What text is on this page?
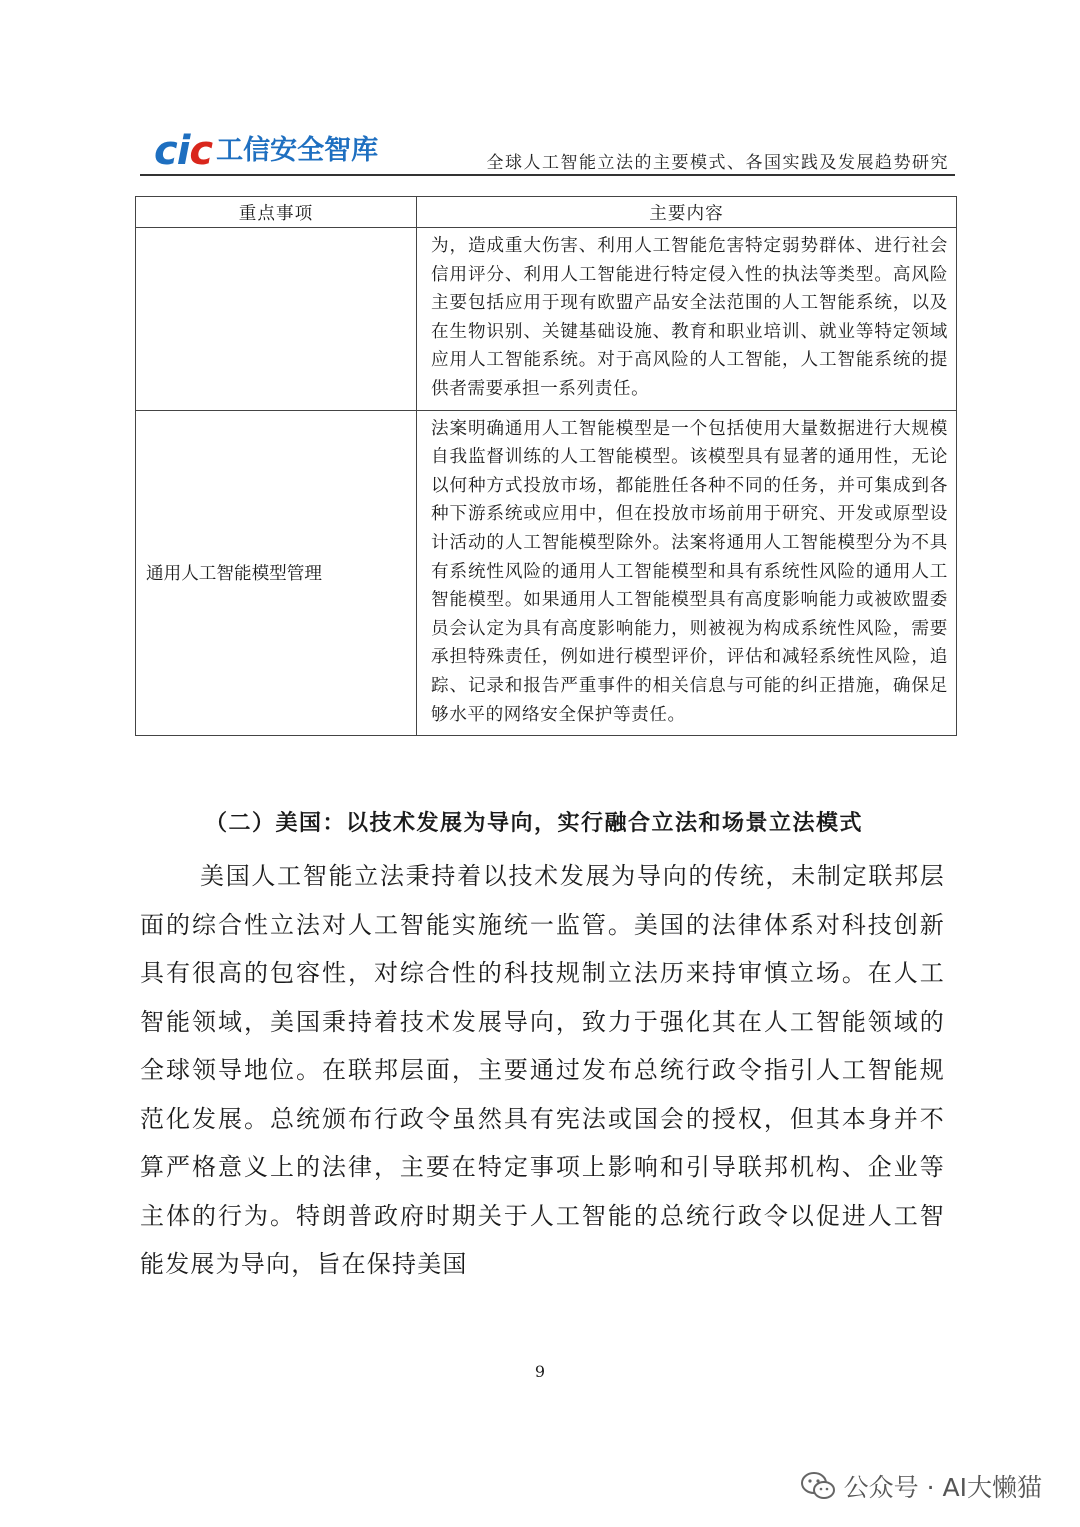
cic 工信安全智库	全球人工智能立法的主要模式、各国实践及发展趋势研究
重点事项	主要内容
	为，造成重大伤害、利用人工智能危害特定弱势群体、进行社会信用评分、利用人工智能进行特定侵入性的执法等类型。高风险主要包括应用于现有欧盟产品安全法范围的人工智能系统，以及在生物识别、关键基础设施、教育和职业培训、就业等特定领域应用人工智能系统。对于高风险的人工智能，人工智能系统的提供者需要承担一系列责任。
通用人工智能模型管理	法案明确通用人工智能模型是一个包括使用大量数据进行大规模自我监督训练的人工智能模型。该模型具有显著的通用性，无论以何种方式投放市场，都能胜任各种不同的任务，并可集成到各种下游系统或应用中，但在投放市场前用于研究、开发或原型设计活动的人工智能模型除外。法案将通用人工智能模型分为不具有系统性风险的通用人工智能模型和具有系统性风险的通用人工智能模型。如果通用人工智能模型具有高度影响能力或被欧盟委员会认定为具有高度影响能力，则被视为构成系统性风险，需要承担特殊责任，例如进行模型评价，评估和减轻系统性风险，追踪、记录和报告严重事件的相关信息与可能的纠正措施，确保足够水平的网络安全保护等责任。
（二）美国：以技术发展为导向，实行融合立法和场景立法模式

美国人工智能立法秉持着以技术发展为导向的传统，未制定联邦层面的综合性立法对人工智能实施统一监管。美国的法律体系对科技创新具有很高的包容性，对综合性的科技规制立法历来持审慎立场。在人工智能领域，美国秉持着技术发展导向，致力于强化其在人工智能领域的全球领导地位。在联邦层面，主要通过发布总统行政令指引人工智能规范化发展。总统颁布行政令虽然具有宪法或国会的授权，但其本身并不算严格意义上的法律，主要在特定事项上影响和引导联邦机构、企业等主体的行为。特朗普政府时期关于人工智能的总统行政令以促进人工智能发展为导向，旨在保持美国

9
公众号 · AI大懒猫
